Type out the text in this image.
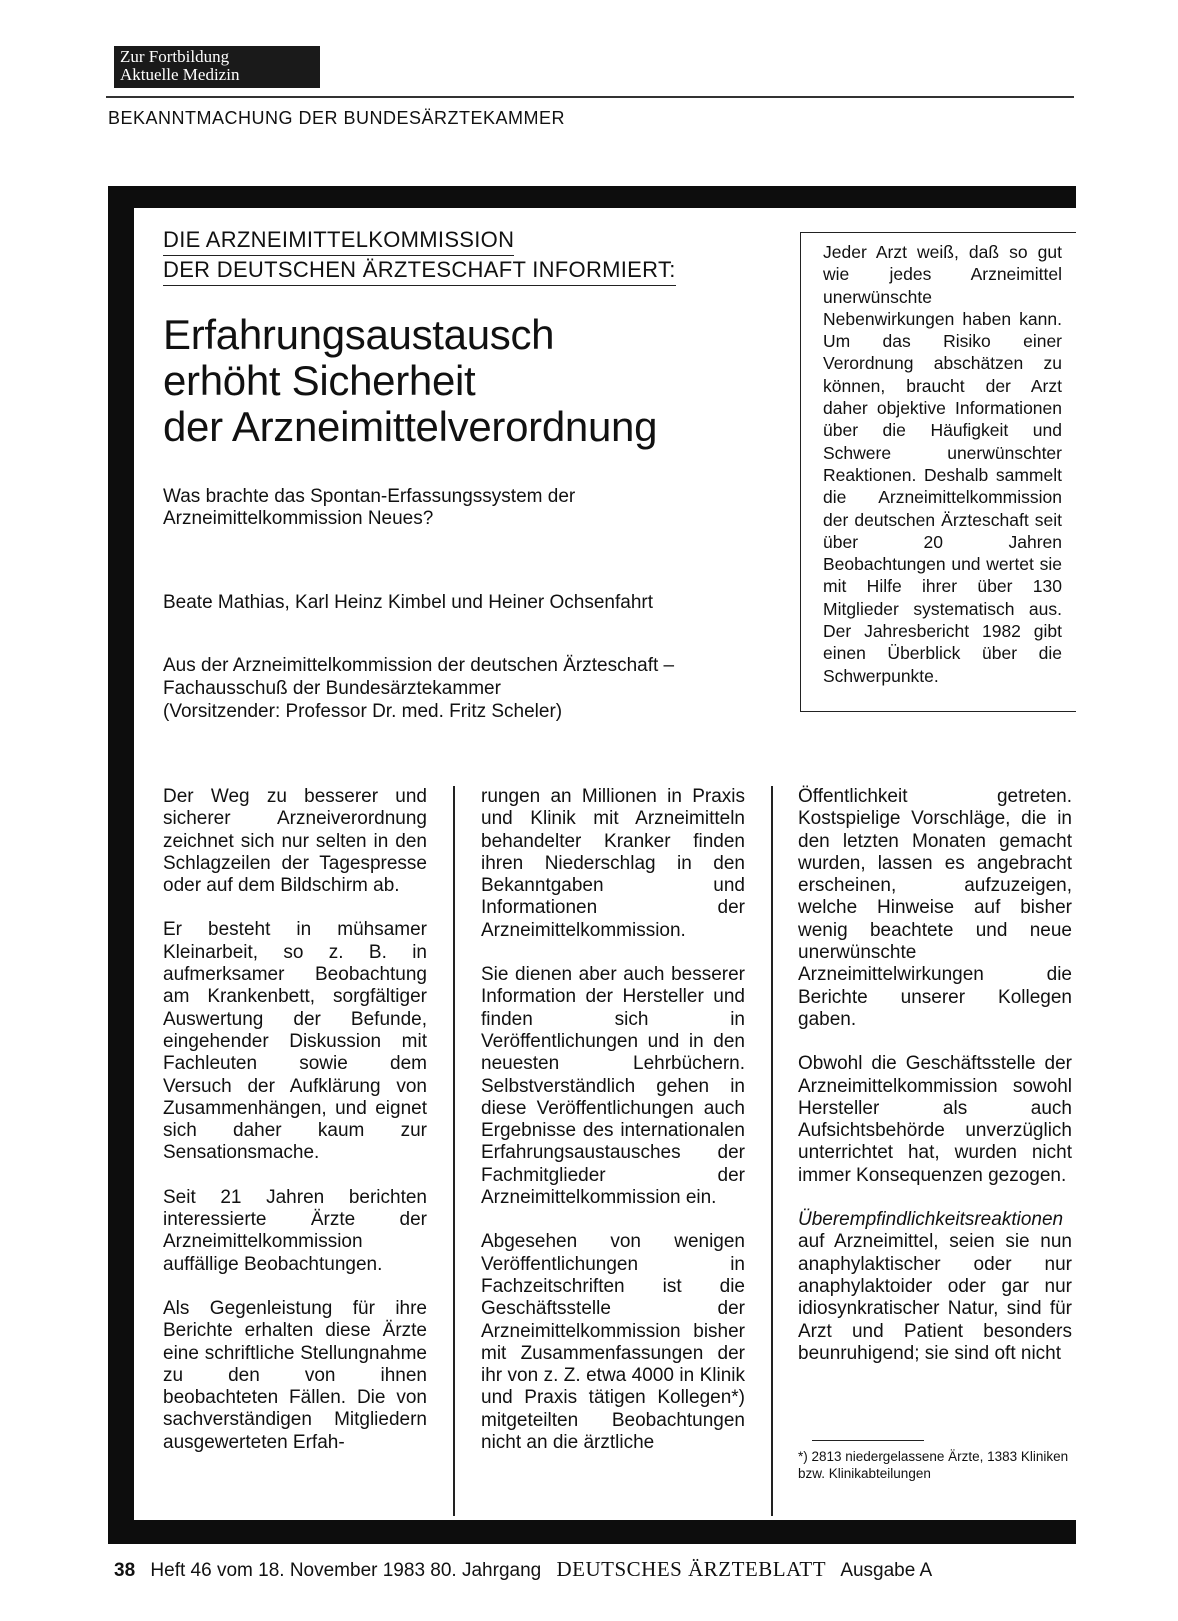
Zur Fortbildung
Aktuelle Medizin
BEKANNTMACHUNG DER BUNDESÄRZTEKAMMER
DIE ARZNEIMITTELKOMMISSION
DER DEUTSCHEN ÄRZTESCHAFT INFORMIERT:
Erfahrungsaustausch
erhöht Sicherheit
der Arzneimittelverordnung
Was brachte das Spontan-Erfassungssystem der Arzneimittelkommission Neues?
Beate Mathias, Karl Heinz Kimbel und Heiner Ochsenfahrt
Aus der Arzneimittelkommission der deutschen Ärzteschaft –
Fachausschuß der Bundesärztekammer
(Vorsitzender: Professor Dr. med. Fritz Scheler)
Jeder Arzt weiß, daß so gut wie jedes Arzneimittel unerwünschte Nebenwirkungen haben kann. Um das Risiko einer Verordnung abschätzen zu können, braucht der Arzt daher objektive Informationen über die Häufigkeit und Schwere unerwünschter Reaktionen. Deshalb sammelt die Arzneimittelkommission der deutschen Ärzteschaft seit über 20 Jahren Beobachtungen und wertet sie mit Hilfe ihrer über 130 Mitglieder systematisch aus. Der Jahresbericht 1982 gibt einen Überblick über die Schwerpunkte.

Der Weg zu besserer und sicherer Arzneiverordnung zeichnet sich nur selten in den Schlagzeilen der Tagespresse oder auf dem Bildschirm ab.

Er besteht in mühsamer Kleinarbeit, so z. B. in aufmerksamer Beobachtung am Krankenbett, sorgfältiger Auswertung der Befunde, eingehender Diskussion mit Fachleuten sowie dem Versuch der Aufklärung von Zusammenhängen, und eignet sich daher kaum zur Sensationsmache.

Seit 21 Jahren berichten interessierte Ärzte der Arzneimittelkommission auffällige Beobachtungen.

Als Gegenleistung für ihre Berichte erhalten diese Ärzte eine schriftliche Stellungnahme zu den von ihnen beobachteten Fällen. Die von sachverständigen Mitgliedern ausgewerteten Erfah-

rungen an Millionen in Praxis und Klinik mit Arzneimitteln behandelter Kranker finden ihren Niederschlag in den Bekanntgaben und Informationen der Arzneimittelkommission.

Sie dienen aber auch besserer Information der Hersteller und finden sich in Veröffentlichungen und in den neuesten Lehrbüchern. Selbstverständlich gehen in diese Veröffentlichungen auch Ergebnisse des internationalen Erfahrungsaustausches der Fachmitglieder der Arzneimittelkommission ein.

Abgesehen von wenigen Veröffentlichungen in Fachzeitschriften ist die Geschäftsstelle der Arzneimittelkommission bisher mit Zusammenfassungen der ihr von z. Z. etwa 4000 in Klinik und Praxis tätigen Kollegen*) mitgeteilten Beobachtungen nicht an die ärztliche

Öffentlichkeit getreten. Kostspielige Vorschläge, die in den letzten Monaten gemacht wurden, lassen es angebracht erscheinen, aufzuzeigen, welche Hinweise auf bisher wenig beachtete und neue unerwünschte Arzneimittelwirkungen die Berichte unserer Kollegen gaben.

Obwohl die Geschäftsstelle der Arzneimittelkommission sowohl Hersteller als auch Aufsichtsbehörde unverzüglich unterrichtet hat, wurden nicht immer Konsequenzen gezogen.

Überempfindlichkeitsreaktionen auf Arzneimittel, seien sie nun anaphylaktischer oder nur anaphylaktoider oder gar nur idiosynkratischer Natur, sind für Arzt und Patient besonders beunruhigend; sie sind oft nicht

*) 2813 niedergelassene Ärzte, 1383 Kliniken bzw. Klinikabteilungen
38 Heft 46 vom 18. November 1983 80. Jahrgang DEUTSCHES ÄRZTEBLATT Ausgabe A
